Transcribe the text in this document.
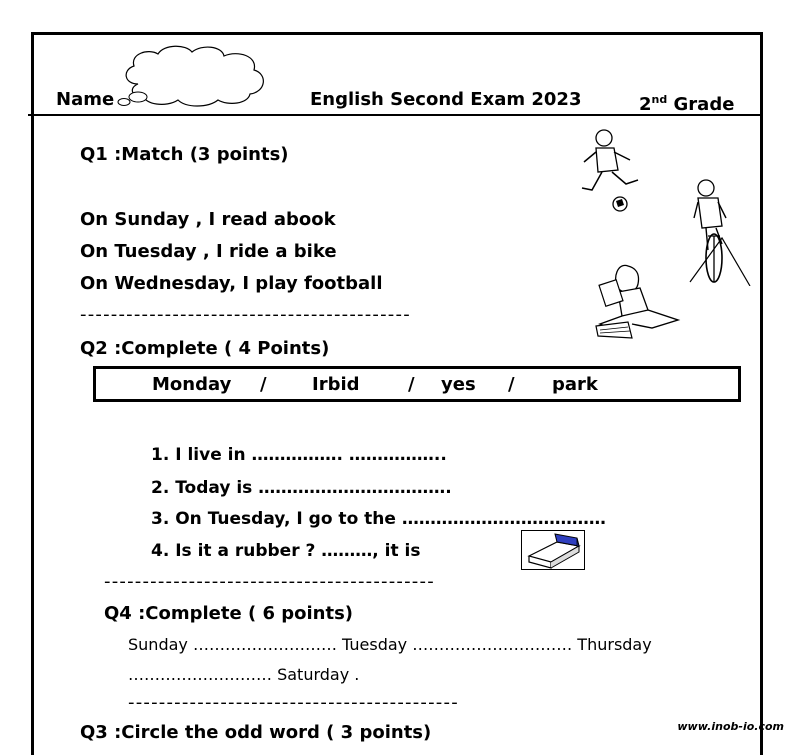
Name	English Second Exam 2023	2nd Grade
Q1 :Match (3 points)
On Sunday , I read abook
On Tuesday , I ride a bike
On Wednesday, I play football
-------------------------------------------
Q2 :Complete ( 4 Points)
Monday /	Irbid	/ yes / park
1. I live in ……………. ……………..
2. Today is …………………………….
3. On Tuesday, I go to the ………………………………
4. Is it a rubber ? ………, it is
-------------------------------------------
Q4 :Complete ( 6 points)
Sunday ……………………… Tuesday ………………………… Thursday
……………………… Saturday .
-------------------------------------------
Q3 :Circle the odd word ( 3 points)	www.inob-io.com
